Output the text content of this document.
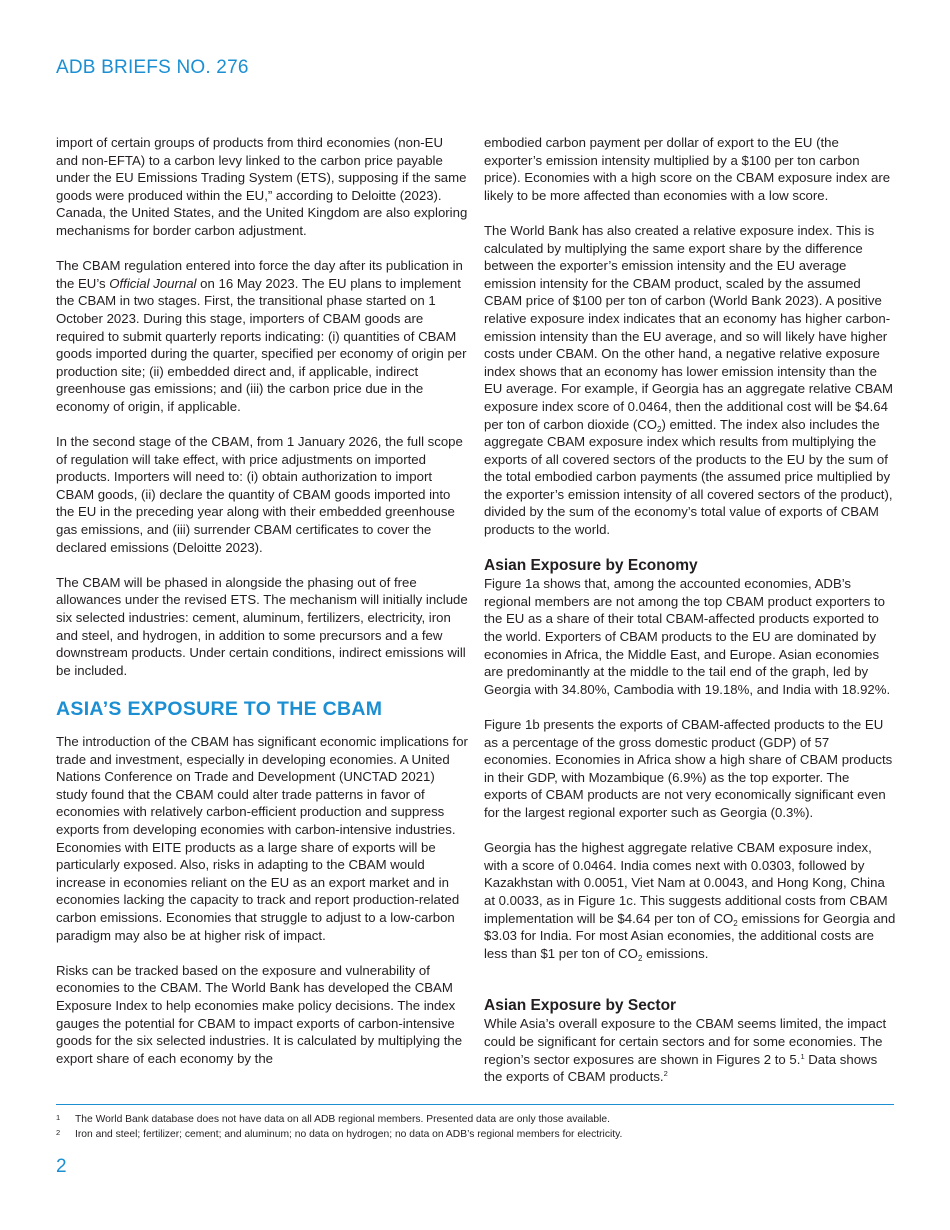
ADB BRIEFS NO. 276

import of certain groups of products from third economies (non-EU and non-EFTA) to a carbon levy linked to the carbon price payable under the EU Emissions Trading System (ETS), supposing if the same goods were produced within the EU,” according to Deloitte (2023). Canada, the United States, and the United Kingdom are also exploring mechanisms for border carbon adjustment.

The CBAM regulation entered into force the day after its publication in the EU’s Official Journal on 16 May 2023. The EU plans to implement the CBAM in two stages. First, the transitional phase started on 1 October 2023. During this stage, importers of CBAM goods are required to submit quarterly reports indicating: (i) quantities of CBAM goods imported during the quarter, specified per economy of origin per production site; (ii) embedded direct and, if applicable, indirect greenhouse gas emissions; and (iii) the carbon price due in the economy of origin, if applicable.

In the second stage of the CBAM, from 1 January 2026, the full scope of regulation will take effect, with price adjustments on imported products. Importers will need to: (i) obtain authorization to import CBAM goods, (ii) declare the quantity of CBAM goods imported into the EU in the preceding year along with their embedded greenhouse gas emissions, and (iii) surrender CBAM certificates to cover the declared emissions (Deloitte 2023).

The CBAM will be phased in alongside the phasing out of free allowances under the revised ETS. The mechanism will initially include six selected industries: cement, aluminum, fertilizers, electricity, iron and steel, and hydrogen, in addition to some precursors and a few downstream products. Under certain conditions, indirect emissions will be included.

ASIA’S EXPOSURE TO THE CBAM

The introduction of the CBAM has significant economic implications for trade and investment, especially in developing economies. A United Nations Conference on Trade and Development (UNCTAD 2021) study found that the CBAM could alter trade patterns in favor of economies with relatively carbon-efficient production and suppress exports from developing economies with carbon-intensive industries. Economies with EITE products as a large share of exports will be particularly exposed. Also, risks in adapting to the CBAM would increase in economies reliant on the EU as an export market and in economies lacking the capacity to track and report production-related carbon emissions. Economies that struggle to adjust to a low-carbon paradigm may also be at higher risk of impact.

Risks can be tracked based on the exposure and vulnerability of economies to the CBAM. The World Bank has developed the CBAM Exposure Index to help economies make policy decisions. The index gauges the potential for CBAM to impact exports of carbon-intensive goods for the six selected industries. It is calculated by multiplying the export share of each economy by the

embodied carbon payment per dollar of export to the EU (the exporter’s emission intensity multiplied by a $100 per ton carbon price). Economies with a high score on the CBAM exposure index are likely to be more affected than economies with a low score.

The World Bank has also created a relative exposure index. This is calculated by multiplying the same export share by the difference between the exporter’s emission intensity and the EU average emission intensity for the CBAM product, scaled by the assumed CBAM price of $100 per ton of carbon (World Bank 2023). A positive relative exposure index indicates that an economy has higher carbon-emission intensity than the EU average, and so will likely have higher costs under CBAM. On the other hand, a negative relative exposure index shows that an economy has lower emission intensity than the EU average. For example, if Georgia has an aggregate relative CBAM exposure index score of 0.0464, then the additional cost will be $4.64 per ton of carbon dioxide $(CO_2)$ emitted. The index also includes the aggregate CBAM exposure index which results from multiplying the exports of all covered sectors of the products to the EU by the sum of the total embodied carbon payments (the assumed price multiplied by the exporter’s emission intensity of all covered sectors of the product), divided by the sum of the economy’s total value of exports of CBAM products to the world.

Asian Exposure by Economy

Figure 1a shows that, among the accounted economies, ADB’s regional members are not among the top CBAM product exporters to the EU as a share of their total CBAM-affected products exported to the world. Exporters of CBAM products to the EU are dominated by economies in Africa, the Middle East, and Europe. Asian economies are predominantly at the middle to the tail end of the graph, led by Georgia with 34.80%, Cambodia with 19.18%, and India with 18.92%.

Figure 1b presents the exports of CBAM-affected products to the EU as a percentage of the gross domestic product (GDP) of 57 economies. Economies in Africa show a high share of CBAM products in their GDP, with Mozambique (6.9%) as the top exporter. The exports of CBAM products are not very economically significant even for the largest regional exporter such as Georgia (0.3%).

Georgia has the highest aggregate relative CBAM exposure index, with a score of 0.0464. India comes next with 0.0303, followed by Kazakhstan with 0.0051, Viet Nam at 0.0043, and Hong Kong, China at 0.0033, as in Figure 1c. This suggests additional costs from CBAM implementation will be $4.64 per ton of $CO_2$ emissions for Georgia and $3.03 for India. For most Asian economies, the additional costs are less than $1 per ton of $CO_2$ emissions.

Asian Exposure by Sector

While Asia’s overall exposure to the CBAM seems limited, the impact could be significant for certain sectors and for some economies. The region’s sector exposures are shown in Figures 2 to 5.$^1$ Data shows the exports of CBAM products.$^2$

1	The World Bank database does not have data on all ADB regional members. Presented data are only those available.
2	Iron and steel; fertilizer; cement; and aluminum; no data on hydrogen; no data on ADB’s regional members for electricity.
2
